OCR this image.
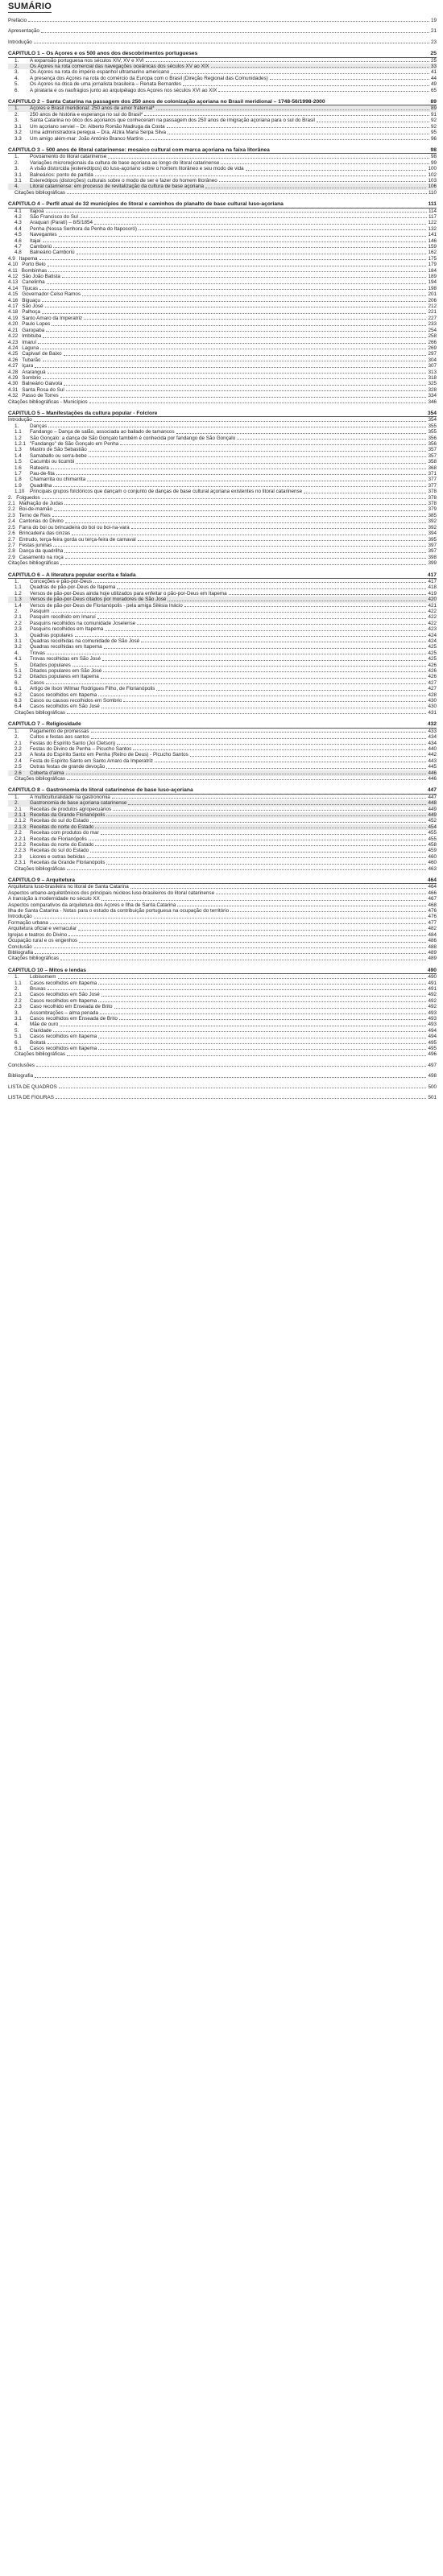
SUMÁRIO
Prefácio	19
Apresentação	21
Introdução	23
CAPÍTULO 1 – Os Açores e os 500 anos dos descobrimentos portugueses	25
1.	A expansão portuguesa nos séculos XIV, XV e XVI	25
2.	Os Açores na rota comercial das navegações oceânicas dos séculos XV ao XIX	33
3.	Os Açores na rota do império espanhol ultramarino americano	41
4.	A presença dos Açores na rota do comércio da Europa com o Brasil (Direção Regional das Comunidades)	44
5.	Os Açores na ótica de uma jornalista brasileira – Renata Bernardes	49
6.	A pirataria e os naufrágios junto ao arquipélago dos Açores nos séculos XVI ao XIX	65
CAPÍTULO 2 – Santa Catarina na passagem dos 250 anos de colonização açoriana no Brasil meridional – 1748-56/1998-2000	89
1.	Açores e Brasil meridional: 250 anos de amor fraternal*	89
2.	250 anos de história e esperança no sul do Brasil*	91
3.	Santa Catarina no ótico dos açorianos que conheceram na passagem dos 250 anos de imigração açoriana para o sul do Brasil	92
3.1	Um açoriano serviel – Dr. Alberto Romão Madruga da Costa	92
3.2	Uma administradora peregua – Dra. Alzira Maria Serpa Silva	95
3.3	Um amigo além-mar: João António Branco Martins	96
CAPÍTULO 3 – 500 anos de litoral catarinense: mosaico cultural com marca açoriana na faixa litorânea	98
1.	Povoamento do litoral catarinense	98
2.	Variações microregionais da cultura de base açoriana ao longo do litoral catarinense	99
3.	A visão distorcida (estereótipos) do luso-açoriano sobre o homem litorâneo e seu modo de vida	100
3.1	Balneários: ponto de partida	102
3.1	Estereótipos (distorções) culturais sobre o modo de ser e fazer do homem litorâneo	103
4.	Litoral catarinense: em processo de revitalização da cultura de base açoriana	106
Citações bibliográficas	110
CAPÍTULO 4 – Perfil atual de 32 municípios do litoral e caminhos do planalto de base cultural luso-açoriana	111
4.1	Itapoá	114
4.2	São Francisco do Sul	117
4.3	Araquari (Paratí) – 8/5/1854	122
4.4	Penha (Nossa Senhora da Penha do Itapocoró)	132
4.5	Navegantes	141
4.6	Itajaí	146
4.7	Camboriú	159
4.8	Balneário Camboriú	162
4.9 Itapema	175
4.10 Porto Belo	179
4.11 Bombinhas	184
4.12 São João Batista	189
4.13 Canelinha	194
4.14 Tijucas	198
4.15 Governador Celso Ramos	201
4.16 Biguaçu	206
4.17 São José	212
4.18 Palhoça	221
4.19 Santo Amaro da Imperatriz	227
4.20 Paulo Lopes	233
4.21 Garopaba	254
4.22 Imbituba	258
4.23 Imaruí	266
4.24 Laguna	269
4.25 Capivari de Baixo	297
4.26 Tubarão	304
4.27 Içara	307
4.28 Araranguá	313
4.29 Sombrio	318
4.30 Balneário Gaivota	325
4.31 Santa Rosa do Sul	328
4.32 Passo de Torres	334
Citações bibliográficas - Municípios	346
CAPÍTULO 5 – Manifestações da cultura popular - Folclore	354
Introdução	354
1.	Danças	355
1.1	Fandango – Dança de salão, associada ao bailado de tamancos	355
1.2	São Gonçalo: a dança de São Gonçalo também é conhecida por fandango de São Gonçalo	356
1.2.1 "Fandango" de São Gonçalo em Penha	356
1.3	Mastro de São Sebastião	357
1.4	Samaballo ou serra-bebe	357
1.5	Cacumbi ou ticumbi	358
1.6	Rateeira	368
1.7	Pau-de-fita	371
1.8	Chamarrita ou chimarrita	377
1.9	Quadrilha	377
1.10 Principais grupos folclóricos que dançam o conjunto de danças de base cultural açoriana existentes no litoral catarinense	378
2. Folguedos	378
2.1 Malhação de Judas	378
2.2 Boi-de-mamão	379
2.3 Terno de Reis	385
2.4 Cantorias do Divino	392
2.5 Farra do boi ou brincadeira do boi ou boi-na-vara	392
2.6 Brincadeira das cinzas	394
2.7 Entrudo, terça-feira gorda ou terça-feira de carnaval	395
2.7 Festas juninas	397
2.8 Dança da quadrilha	397
2.9 Casamento na roça	398
Citações bibliográficas	399
CAPÍTULO 6 – A literatura popular escrita e falada	417
1.	Conceções e pão-por-Deus	417
1.1	Quadras de pão-por-Deus de Itapema	418
1.2	Versos de pão-por-Deus ainda hoje utilizados para enfeitar o pão-por-Deus em Itapema	419
1.3	Versos de pão-por-Deus citados por moradores de São José	420
1.4	Versos de pão-por-Deus de Florianópolis - pela amiga Silésia Inácio	421
2.	Pasquim	422
2.1	Pasquim recolhido em Imaruí	422
2.2	Pasquins recolhidos na comunidade Joselense	422
2.3	Pasquins recolhidos em Itapema	423
3.	Quadras populares	424
3.1	Quadras recolhidas na comunidade de São José	424
3.2	Quadras recolhidas em Itapema	425
4.	Trovas	425
4.1	Trovas recolhidas em São José	425
5.	Ditados populares	426
5.1	Ditados populares em São José	426
5.2	Ditados populares em Itapema	426
6.	Casos	427
6.1	Artigo de Ilson Wilmar Rodrigues Filho, de Florianópolis	427
6.2	Casos recolhidos em Itapema	428
6.3	Casos ou causos recolhidos em Sombrio	430
6.4	Casos recolhidos em São José	430
Citações bibliográficas	431
CAPÍTULO 7 – Religiosidade	432
1.	Pagamento de promessas	433
2.	Cultos e festas aos santos	434
2.1	Festas do Espírito Santo (Joi Cletson)	434
2.2	Festas do Divino de Penha – Picucho Santos	440
2.3	A festa do Espírito Santo em Penha (Reino de Deus) - Picucho Santos	442
2.4	Festa do Espírito Santo em Santo Amaro da Imperatriz	443
2.5	Outras festas de grande devoção	445
2.6	Coberta d'alma	446
Citações bibliográficas	446
CAPÍTULO 8 – Gastronomia do litoral catarinense de base luso-açoriana	447
1.	A multiculturalidade na gastronomia	447
2.	Gastronomia de base açoriana catarinense	448
2.1	Receitas de produtos agropecuários	449
2.1.1 Receitas da Grande Florianópolis	449
2.1.2 Receitas do sul do Estado	452
2.1.3 Receitas do norte do Estado	454
2.2	Receitas com produtos do mar	455
2.2.1 Receitas de Florianópolis	455
2.2.2 Receitas do norte do Estado	458
2.2.3 Receitas do sul do Estado	459
2.3	Licores e outras bebidas	460
2.3.1 Receitas da Grande Florianópolis	460
Citações bibliográficas	463
CAPÍTULO 9 – Arquitetura	464
Arquitetura luso-brasileira no litoral de Santa Catarina	464
Aspectos urbano-arquitetônicos dos principais núcleos luso-brasileiros do litoral catarinense	466
A transição à modernidade no século XX	467
Aspectos comparativos da arquitetura dos Açores e Ilha de Santa Catarina	468
Ilha de Santa Catarina - Notas para o estudo da contribuição portuguesa na ocupação do território	476
Introdução	476
Formação urbana	477
Arquitetura oficial e vernacular	482
Igrejas e teatros do Divino	484
Ocupação rural e os engenhos	486
Conclusão	488
Bibliografia	489
Citações bibliográficas	489
CAPÍTULO 10 – Mitos e lendas	490
1.	Lobisomem	490
1.1	Casos recolhidos em Itapema	491
2.	Bruxas	491
2.1	Casos recolhidos em São José	492
2.2	Casos recolhidos em Itapema	492
2.3	Caso recolhido em Enseada de Brito	492
3.	Assombrações – alma penada	493
3.1	Casos recolhidos em Enseada de Brito	493
4.	Mãe de ouro	493
5.	Claridade	494
5.1	Casos recolhidos em Itapema	494
6.	Boitatá	495
6.1	Casos recolhidos em Itapema	495
Citações bibliográficas	496
Conclusões	497
Bibliografia	498
LISTA DE QUADROS	500
LISTA DE FIGURAS	501
